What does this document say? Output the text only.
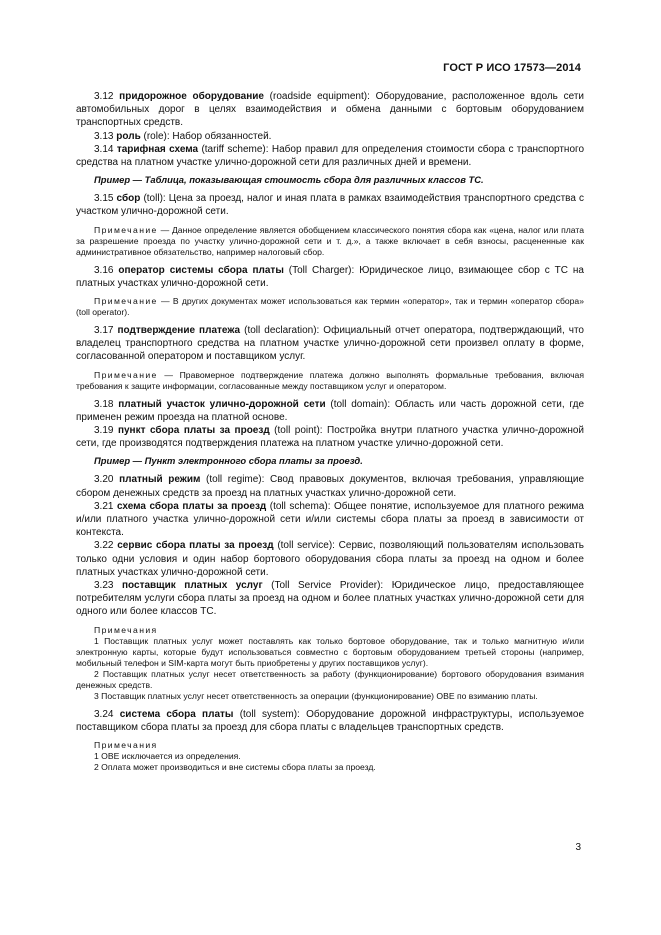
ГОСТ Р ИСО 17573—2014

3.12 придорожное оборудование (roadside equipment): Оборудование, расположенное вдоль сети автомобильных дорог в целях взаимодействия и обмена данными с бортовым оборудованием транспортных средств.

3.13 роль (role): Набор обязанностей.

3.14 тарифная схема (tariff scheme): Набор правил для определения стоимости сбора с транспортного средства на платном участке улично-дорожной сети для различных дней и времени.

Пример — Таблица, показывающая стоимость сбора для различных классов ТС.

3.15 сбор (toll): Цена за проезд, налог и иная плата в рамках взаимодействия транспортного средства с участком улично-дорожной сети.

Примечание — Данное определение является обобщением классического понятия сбора как «цена, налог или плата за разрешение проезда по участку улично-дорожной сети и т. д.», а также включает в себя взносы, расцененные как административное обязательство, например налоговый сбор.

3.16 оператор системы сбора платы (Toll Charger): Юридическое лицо, взимающее сбор с ТС на платных участках улично-дорожной сети.

Примечание — В других документах может использоваться как термин «оператор», так и термин «оператор сбора» (toll operator).

3.17 подтверждение платежа (toll declaration): Официальный отчет оператора, подтверждающий, что владелец транспортного средства на платном участке улично-дорожной сети произвел оплату в форме, согласованной оператором и поставщиком услуг.

Примечание — Правомерное подтверждение платежа должно выполнять формальные требования, включая требования к защите информации, согласованные между поставщиком услуг и оператором.

3.18 платный участок улично-дорожной сети (toll domain): Область или часть дорожной сети, где применен режим проезда на платной основе.

3.19 пункт сбора платы за проезд (toll point): Постройка внутри платного участка улично-дорожной сети, где производятся подтверждения платежа на платном участке улично-дорожной сети.

Пример — Пункт электронного сбора платы за проезд.

3.20 платный режим (toll regime): Свод правовых документов, включая требования, управляющие сбором денежных средств за проезд на платных участках улично-дорожной сети.

3.21 схема сбора платы за проезд (toll schema): Общее понятие, используемое для платного режима и/или платного участка улично-дорожной сети и/или системы сбора платы за проезд в зависимости от контекста.

3.22 сервис сбора платы за проезд (toll service): Сервис, позволяющий пользователям использовать только одни условия и один набор бортового оборудования сбора платы за проезд на одном и более платных участках улично-дорожной сети.

3.23 поставщик платных услуг (Toll Service Provider): Юридическое лицо, предоставляющее потребителям услуги сбора платы за проезд на одном и более платных участках улично-дорожной сети для одного или более классов ТС.

Примечания

1 Поставщик платных услуг может поставлять как только бортовое оборудование, так и только магнитную и/или электронную карты, которые будут использоваться совместно с бортовым оборудованием третьей стороны (например, мобильный телефон и SIM-карта могут быть приобретены у других поставщиков услуг).

2 Поставщик платных услуг несет ответственность за работу (функционирование) бортового оборудования взимания денежных средств.

3 Поставщик платных услуг несет ответственность за операции (функционирование) ОВЕ по взиманию платы.

3.24 система сбора платы (toll system): Оборудование дорожной инфраструктуры, используемое поставщиком сбора платы за проезд для сбора платы с владельцев транспортных средств.

Примечания

1 ОВЕ исключается из определения.

2 Оплата может производиться и вне системы сбора платы за проезд.

3
